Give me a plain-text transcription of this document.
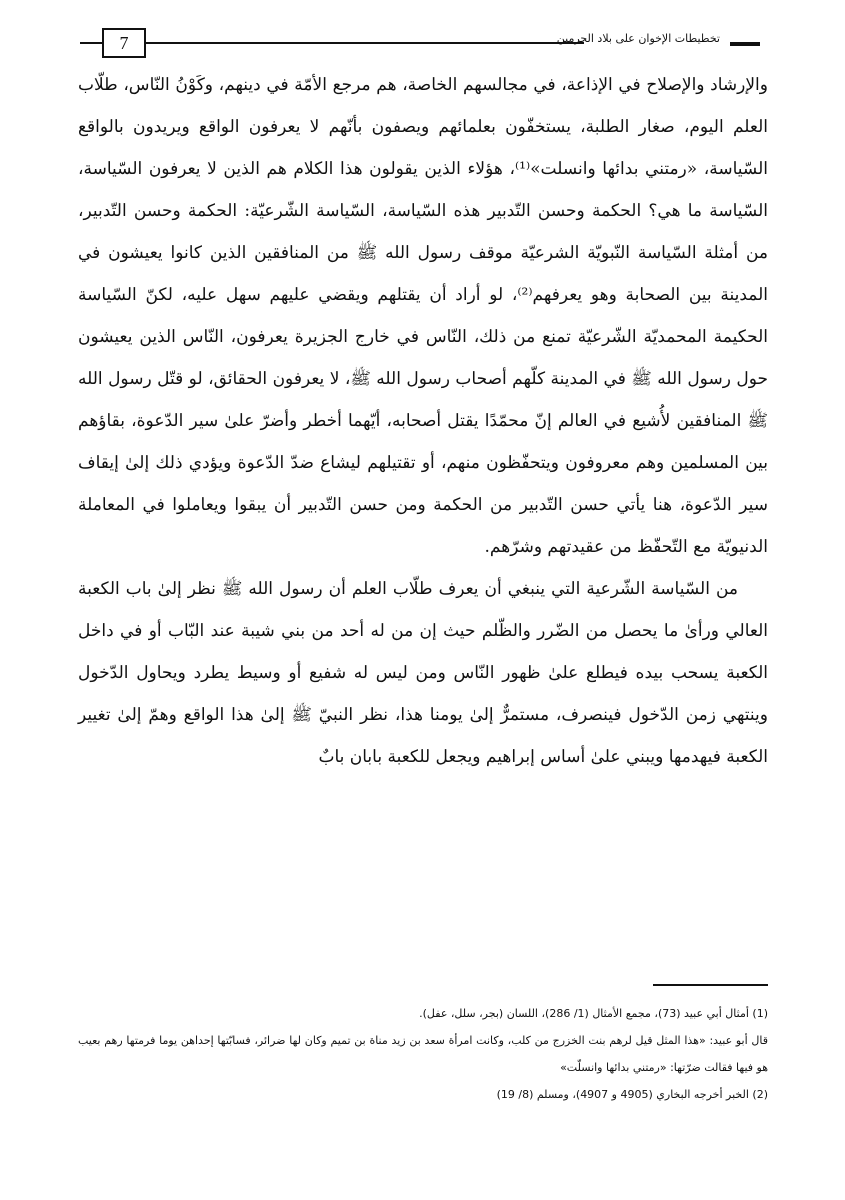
7	تخطيطات الإخوان على بلاد الحرمين

والإرشاد والإصلاح في الإذاعة، في مجالسهم الخاصة، هم مرجع الأمّة في دينهم، وكَوْنُ النّاس، طلّاب العلم اليوم، صغار الطلبة، يستخفّون بعلمائهم ويصفون بأنّهم لا يعرفون الواقع ويريدون بالواقع السّياسة، «رمتني بدائها وانسلت»⁽¹⁾، هؤلاء الذين يقولون هذا الكلام هم الذين لا يعرفون السّياسة، السّياسة ما هي؟ الحكمة وحسن التّدبير هذه السّياسة، السّياسة الشّرعيّة: الحكمة وحسن التّدبير، من أمثلة السّياسة النّبويّة الشرعيّة موقف رسول الله ﷺ من المنافقين الذين كانوا يعيشون في المدينة بين الصحابة وهو يعرفهم⁽²⁾، لو أراد أن يقتلهم ويقضي عليهم سهل عليه، لكنّ السّياسة الحكيمة المحمديّة الشّرعيّة تمنع من ذلك، النّاس في خارج الجزيرة يعرفون، النّاس الذين يعيشون حول رسول الله ﷺ في المدينة كلّهم أصحاب رسول الله ﷺ، لا يعرفون الحقائق، لو قتّل رسول الله ﷺ المنافقين لأُشيع في العالم إنّ محمّدًا يقتل أصحابه، أيّهما أخطر وأضرّ علىٰ سير الدّعوة، بقاؤهم بين المسلمين وهم معروفون ويتحفّظون منهم، أو تقتيلهم ليشاع ضدّ الدّعوة ويؤدي ذلك إلىٰ إيقاف سير الدّعوة، هنا يأتي حسن التّدبير من الحكمة ومن حسن التّدبير أن يبقوا ويعاملوا في المعاملة الدنيويّة مع التّحفّظ من عقيدتهم وشرّهم.

من السّياسة الشّرعية التي ينبغي أن يعرف طلّاب العلم أن رسول الله ﷺ نظر إلىٰ باب الكعبة العالي ورأىٰ ما يحصل من الضّرر والظّلم حيث إن من له أحد من بني شيبة عند البّاب أو في داخل الكعبة يسحب بيده فيطلع علىٰ ظهور النّاس ومن ليس له شفيع أو وسيط يطرد ويحاول الدّخول وينتهي زمن الدّخول فينصرف، مستمرٌّ إلىٰ يومنا هذا، نظر النبيّ ﷺ إلىٰ هذا الواقع وهمّ إلىٰ تغيير الكعبة فيهدمها ويبني علىٰ أساس إبراهيم ويجعل للكعبة بابان بابٌ

(1) أمثال أبي عبيد (73)، مجمع الأمثال (1/ 286)، اللسان (بجر، سلل، عفل).

قال أبو عبيد: «هذا المثل قيل لرهم بنت الخزرج من كلب، وكانت امرأة سعد بن زيد مناة بن تميم وكان لها ضرائر، فسابّتها إحداهن يوما فرمتها رهم بعيب هو فيها فقالت ضرّتها: «رمتني بدائها وانسلّت»

(2) الخبر أخرجه البخاري (4905 و 4907)، ومسلم (8/ 19)
